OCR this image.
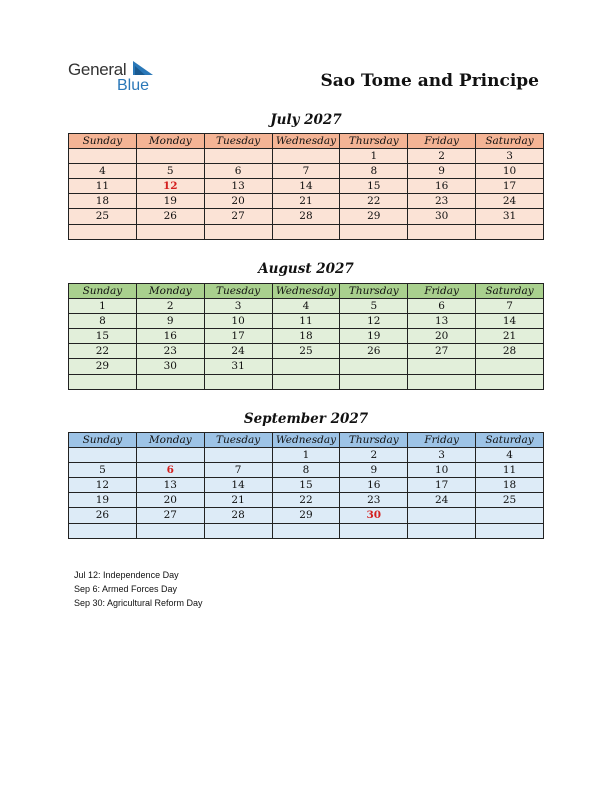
General
Blue	Sao Tome and Principe
July 2027
Sunday	Monday	Tuesday	Wednesday	Thursday	Friday	Saturday
				1	2	3
4	5	6	7	8	9	10
11	12	13	14	15	16	17
18	19	20	21	22	23	24
25	26	27	28	29	30	31

August 2027
Sunday	Monday	Tuesday	Wednesday	Thursday	Friday	Saturday
1	2	3	4	5	6	7
8	9	10	11	12	13	14
15	16	17	18	19	20	21
22	23	24	25	26	27	28
29	30	31				

September 2027
Sunday	Monday	Tuesday	Wednesday	Thursday	Friday	Saturday
			1	2	3	4
5	6	7	8	9	10	11
12	13	14	15	16	17	18
19	20	21	22	23	24	25
26	27	28	29	30		

Jul 12: Independence Day
Sep 6: Armed Forces Day
Sep 30: Agricultural Reform Day
